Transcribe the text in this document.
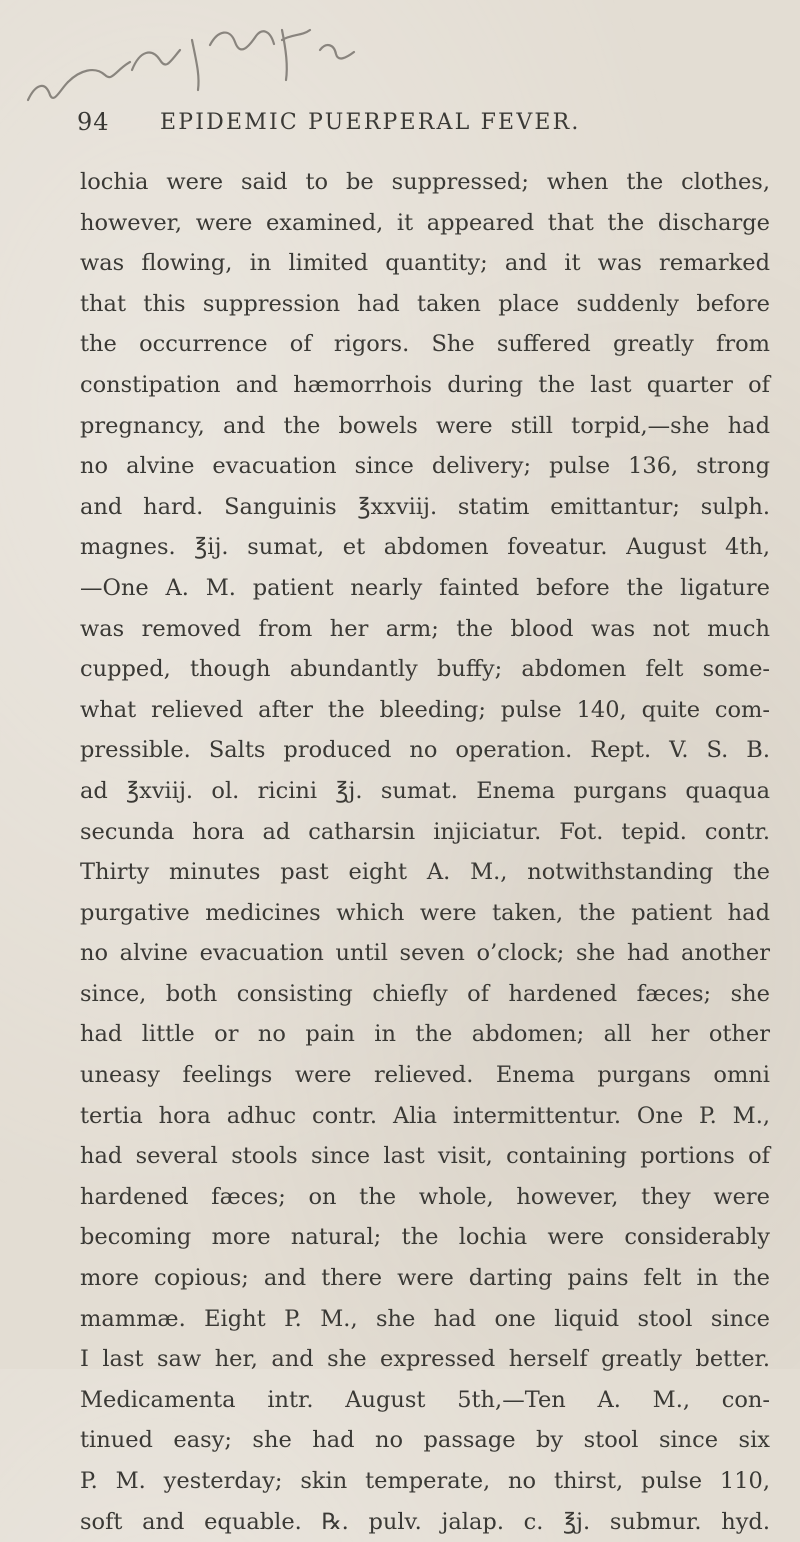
94 EPIDEMIC PUERPERAL FEVER.
lochia were said to be suppressed; when the clothes,
however, were examined, it appeared that the discharge
was flowing, in limited quantity; and it was remarked
that this suppression had taken place suddenly before
the occurrence of rigors. She suffered greatly from
constipation and hæmorrhois during the last quarter of
pregnancy, and the bowels were still torpid,—she had
no alvine evacuation since delivery; pulse 136, strong
and hard. Sanguinis ℥xxviij. statim emittantur; sulph.
magnes. ℥ij. sumat, et abdomen foveatur. August 4th,
—One A. M. patient nearly fainted before the ligature
was removed from her arm; the blood was not much
cupped, though abundantly buffy; abdomen felt some-
what relieved after the bleeding; pulse 140, quite com-
pressible. Salts produced no operation. Rept. V. S. B.
ad ℥xviij. ol. ricini ℥j. sumat. Enema purgans quaqua
secunda hora ad catharsin injiciatur. Fot. tepid. contr.
Thirty minutes past eight A. M., notwithstanding the
purgative medicines which were taken, the patient had
no alvine evacuation until seven o’clock; she had another
since, both consisting chiefly of hardened fæces; she
had little or no pain in the abdomen; all her other
uneasy feelings were relieved. Enema purgans omni
tertia hora adhuc contr. Alia intermittentur. One P. M.,
had several stools since last visit, containing portions of
hardened fæces; on the whole, however, they were
becoming more natural; the lochia were considerably
more copious; and there were darting pains felt in the
mammæ. Eight P. M., she had one liquid stool since
I last saw her, and she expressed herself greatly better.
Medicamenta intr. August 5th,—Ten A. M., con-
tinued easy; she had no passage by stool since six
P. M. yesterday; skin temperate, no thirst, pulse 110,
soft and equable. ℞. pulv. jalap. c. ℥j. submur. hyd.
